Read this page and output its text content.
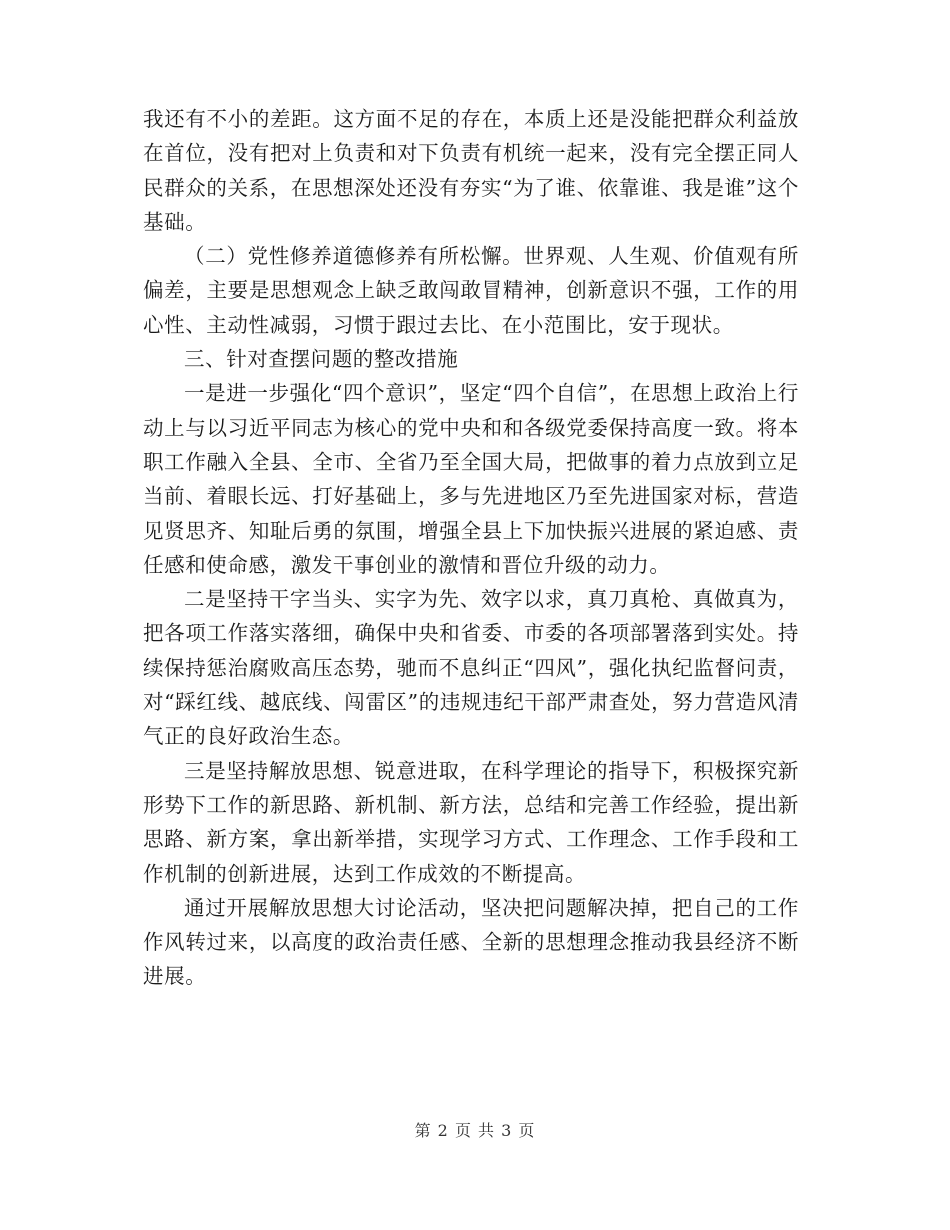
我还有不小的差距。这方面不足的存在，本质上还是没能把群众利益放在首位，没有把对上负责和对下负责有机统一起来，没有完全摆正同人民群众的关系，在思想深处还没有夯实“为了谁、依靠谁、我是谁”这个基础。

（二）党性修养道德修养有所松懈。世界观、人生观、价值观有所偏差，主要是思想观念上缺乏敢闯敢冒精神，创新意识不强，工作的用心性、主动性减弱，习惯于跟过去比、在小范围比，安于现状。

三、针对查摆问题的整改措施

一是进一步强化“四个意识”，坚定“四个自信”，在思想上政治上行动上与以习近平同志为核心的党中央和和各级党委保持高度一致。将本职工作融入全县、全市、全省乃至全国大局，把做事的着力点放到立足当前、着眼长远、打好基础上，多与先进地区乃至先进国家对标，营造见贤思齐、知耻后勇的氛围，增强全县上下加快振兴进展的紧迫感、责任感和使命感，激发干事创业的激情和晋位升级的动力。

二是坚持干字当头、实字为先、效字以求，真刀真枪、真做真为，把各项工作落实落细，确保中央和省委、市委的各项部署落到实处。持续保持惩治腐败高压态势，驰而不息纠正“四风”，强化执纪监督问责，对“踩红线、越底线、闯雷区”的违规违纪干部严肃查处，努力营造风清气正的良好政治生态。

三是坚持解放思想、锐意进取，在科学理论的指导下，积极探究新形势下工作的新思路、新机制、新方法，总结和完善工作经验，提出新思路、新方案，拿出新举措，实现学习方式、工作理念、工作手段和工作机制的创新进展，达到工作成效的不断提高。

通过开展解放思想大讨论活动，坚决把问题解决掉，把自己的工作作风转过来，以高度的政治责任感、全新的思想理念推动我县经济不断进展。

第 2 页 共 3 页
